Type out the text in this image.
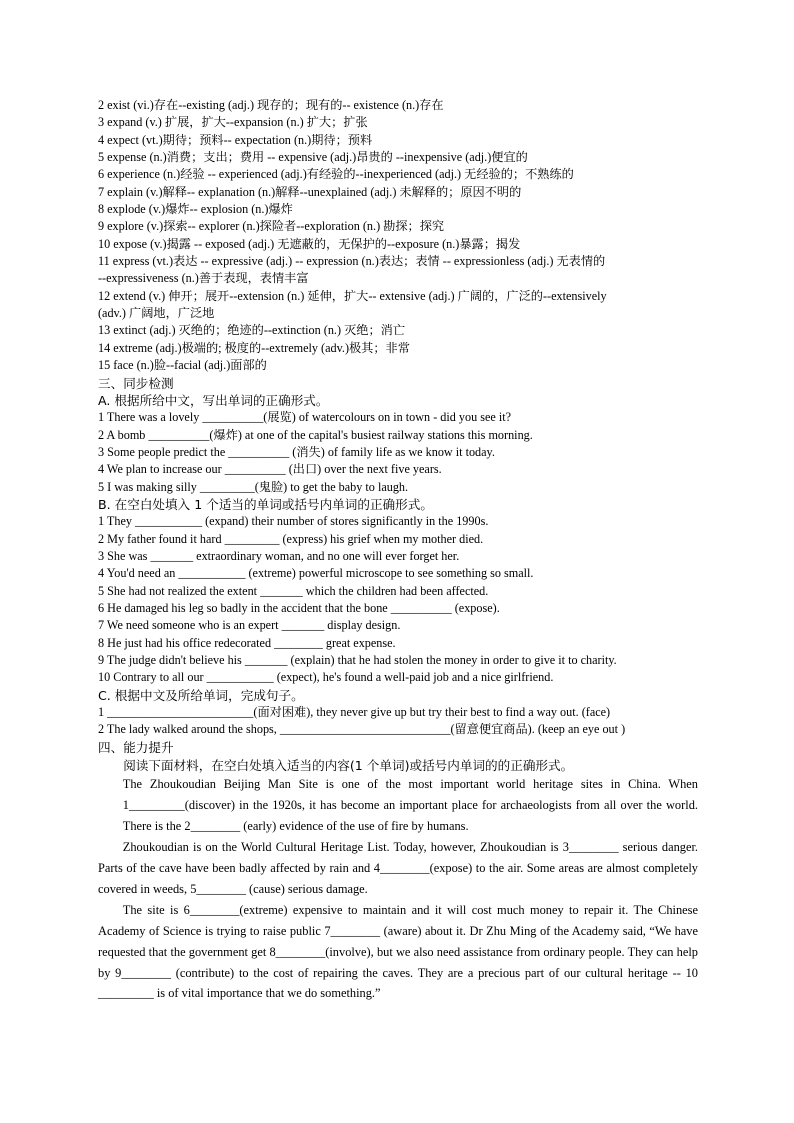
2 exist (vi.)存在--existing (adj.) 现存的；现有的-- existence (n.)存在
3 expand (v.) 扩展，扩大--expansion (n.) 扩大；扩张
4 expect (vt.)期待；预料-- expectation (n.)期待；预料
5 expense (n.)消费；支出；费用 -- expensive (adj.)昂贵的 --inexpensive (adj.)便宜的
6 experience (n.)经验 -- experienced (adj.)有经验的--inexperienced (adj.) 无经验的；不熟练的
7 explain (v.)解释-- explanation (n.)解释--unexplained (adj.) 未解释的；原因不明的
8 explode (v.)爆炸-- explosion (n.)爆炸
9 explore (v.)探索-- explorer (n.)探险者--exploration (n.) 勘探；探究
10 expose (v.)揭露 -- exposed (adj.) 无遮蔽的，无保护的--exposure (n.)暴露；揭发
11 express (vt.)表达 -- expressive (adj.) -- expression (n.)表达；表情 -- expressionless (adj.) 无表情的
--expressiveness (n.)善于表现，表情丰富
12 extend (v.) 伸开；展开--extension (n.) 延伸，扩大-- extensive (adj.) 广阔的，广泛的--extensively
(adv.) 广阔地，广泛地
13 extinct (adj.) 灭绝的；绝迹的--extinction (n.) 灭绝；消亡
14 extreme (adj.)极端的; 极度的--extremely (adv.)极其；非常
15 face (n.)脸--facial (adj.)面部的
三、同步检测
A. 根据所给中文，写出单词的正确形式。
1 There was a lovely __________(展览) of watercolours on in town - did you see it?
2 A bomb __________(爆炸) at one of the capital's busiest railway stations this morning.
3 Some people predict the __________ (消失) of family life as we know it today.
4 We plan to increase our __________ (出口) over the next five years.
5 I was making silly _________(鬼脸) to get the baby to laugh.
B. 在空白处填入 1 个适当的单词或括号内单词的正确形式。
1 They ___________ (expand) their number of stores significantly in the 1990s.
2 My father found it hard _________ (express) his grief when my mother died.
3 She was _______ extraordinary woman, and no one will ever forget her.
4 You'd need an ___________ (extreme) powerful microscope to see something so small.
5 She had not realized the extent _______ which the children had been affected.
6 He damaged his leg so badly in the accident that the bone __________ (expose).
7 We need someone who is an expert _______ display design.
8 He just had his office redecorated ________ great expense.
9 The judge didn't believe his _______ (explain) that he had stolen the money in order to give it to charity.
10 Contrary to all our ___________ (expect), he's found a well-paid job and a nice girlfriend.
C. 根据中文及所给单词，完成句子。
1 ________________________(面对困难), they never give up but try their best to find a way out. (face)
2 The lady walked around the shops, ____________________________(留意便宜商品). (keep an eye out )
四、能力提升
阅读下面材料，在空白处填入适当的内容(1 个单词)或括号内单词的的正确形式。

The Zhoukoudian Beijing Man Site is one of the most important world heritage sites in China. When 1_________(discover) in the 1920s, it has become an important place for archaeologists from all over the world. There is the 2________ (early) evidence of the use of fire by humans.

Zhoukoudian is on the World Cultural Heritage List. Today, however, Zhoukoudian is 3________ serious danger. Parts of the cave have been badly affected by rain and 4________(expose) to the air. Some areas are almost completely covered in weeds, 5________ (cause) serious damage.

The site is 6________(extreme) expensive to maintain and it will cost much money to repair it. The Chinese Academy of Science is trying to raise public 7________ (aware) about it. Dr Zhu Ming of the Academy said, “We have requested that the government get 8________(involve), but we also need assistance from ordinary people. They can help by 9________ (contribute) to the cost of repairing the caves. They are a precious part of our cultural heritage -- 10 _________ is of vital importance that we do something.”
